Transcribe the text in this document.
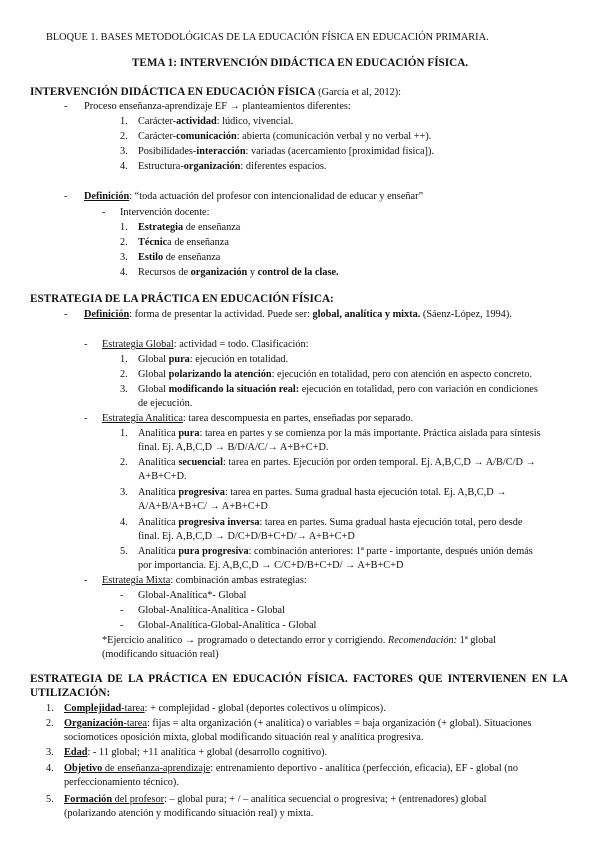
BLOQUE 1. BASES METODOLÓGICAS DE LA EDUCACIÓN FÍSICA EN EDUCACIÓN PRIMARIA.
TEMA 1: INTERVENCIÓN DIDÁCTICA EN EDUCACIÓN FÍSICA.
INTERVENCIÓN DIDÁCTICA EN EDUCACIÓN FÍSICA (García et al, 2012):
- Proceso enseñanza-aprendizaje EF → planteamientos diferentes:
1. Carácter-actividad: lúdico, vivencial.
2. Carácter-comunicación: abierta (comunicación verbal y no verbal ++).
3. Posibilidades-interacción: variadas (acercamiento [proximidad física]).
4. Estructura-organización: diferentes espacios.
- Definición: “toda actuación del profesor con intencionalidad de educar y enseñar”
- Intervención docente:
1. Estrategia de enseñanza
2. Técnica de enseñanza
3. Estilo de enseñanza
4. Recursos de organización y control de la clase.
ESTRATEGIA DE LA PRÁCTICA EN EDUCACIÓN FÍSICA:
- Definición: forma de presentar la actividad. Puede ser: global, analítica y mixta. (Sáenz-López, 1994).
- Estrategia Global: actividad = todo. Clasificación:
1. Global pura: ejecución en totalidad.
2. Global polarizando la atención: ejecución en totalidad, pero con atención en aspecto concreto.
3. Global modificando la situación real: ejecución en totalidad, pero con variación en condiciones
de ejecución.
- Estrategia Analítica: tarea descompuesta en partes, enseñadas por separado.
1. Analítica pura: tarea en partes y se comienza por la más importante. Práctica aislada para síntesis
final. Ej. A,B,C,D → B/D/A/C/→ A+B+C+D.
2. Analítica secuencial: tarea en partes. Ejecución por orden temporal. Ej. A,B,C,D → A/B/C/D →
A+B+C+D.
3. Analítica progresiva: tarea en partes. Suma gradual hasta ejecución total. Ej. A,B,C,D →
A/A+B/A+B+C/ → A+B+C+D
4. Analítica progresiva inversa: tarea en partes. Suma gradual hasta ejecución total, pero desde
final. Ej. A,B,C,D → D/C+D/B+C+D/→ A+B+C+D
5. Analítica pura progresiva: combinación anteriores: 1ª parte - importante, después unión demás
por importancia. Ej. A,B,C,D → C/C+D/B+C+D/ → A+B+C+D
- Estrategia Mixta: combinación ambas estrategias:
- Global-Analítica*- Global
- Global-Analítica-Analítica - Global
- Global-Analítica-Global-Analítica - Global
*Ejercicio analítico → programado o detectando error y corrigiendo. Recomendación: 1ª global
(modificando situación real)
ESTRATEGIA DE LA PRÁCTICA EN EDUCACIÓN FÍSICA. FACTORES QUE INTERVIENEN EN LA
UTILIZACIÓN:
1. Complejidad-tarea: + complejidad - global (deportes colectivos u olímpicos).
2. Organización-tarea: fijas = alta organización (+ analítica) o variables = baja organización (+ global). Situaciones
sociomotices oposición mixta, global modificando situación real y analítica progresiva.
3. Edad: - 11 global; +11 analítica + global (desarrollo cognitivo).
4. Objetivo de enseñanza-aprendizaje: entrenamiento deportivo - analítica (perfección, eficacia), EF - global (no
perfeccionamiento técnico).
5. Formación del profesor: – global pura; + / – analítica secuencial o progresiva; + (entrenadores) global
(polarizando atención y modificando situación real) y mixta.
